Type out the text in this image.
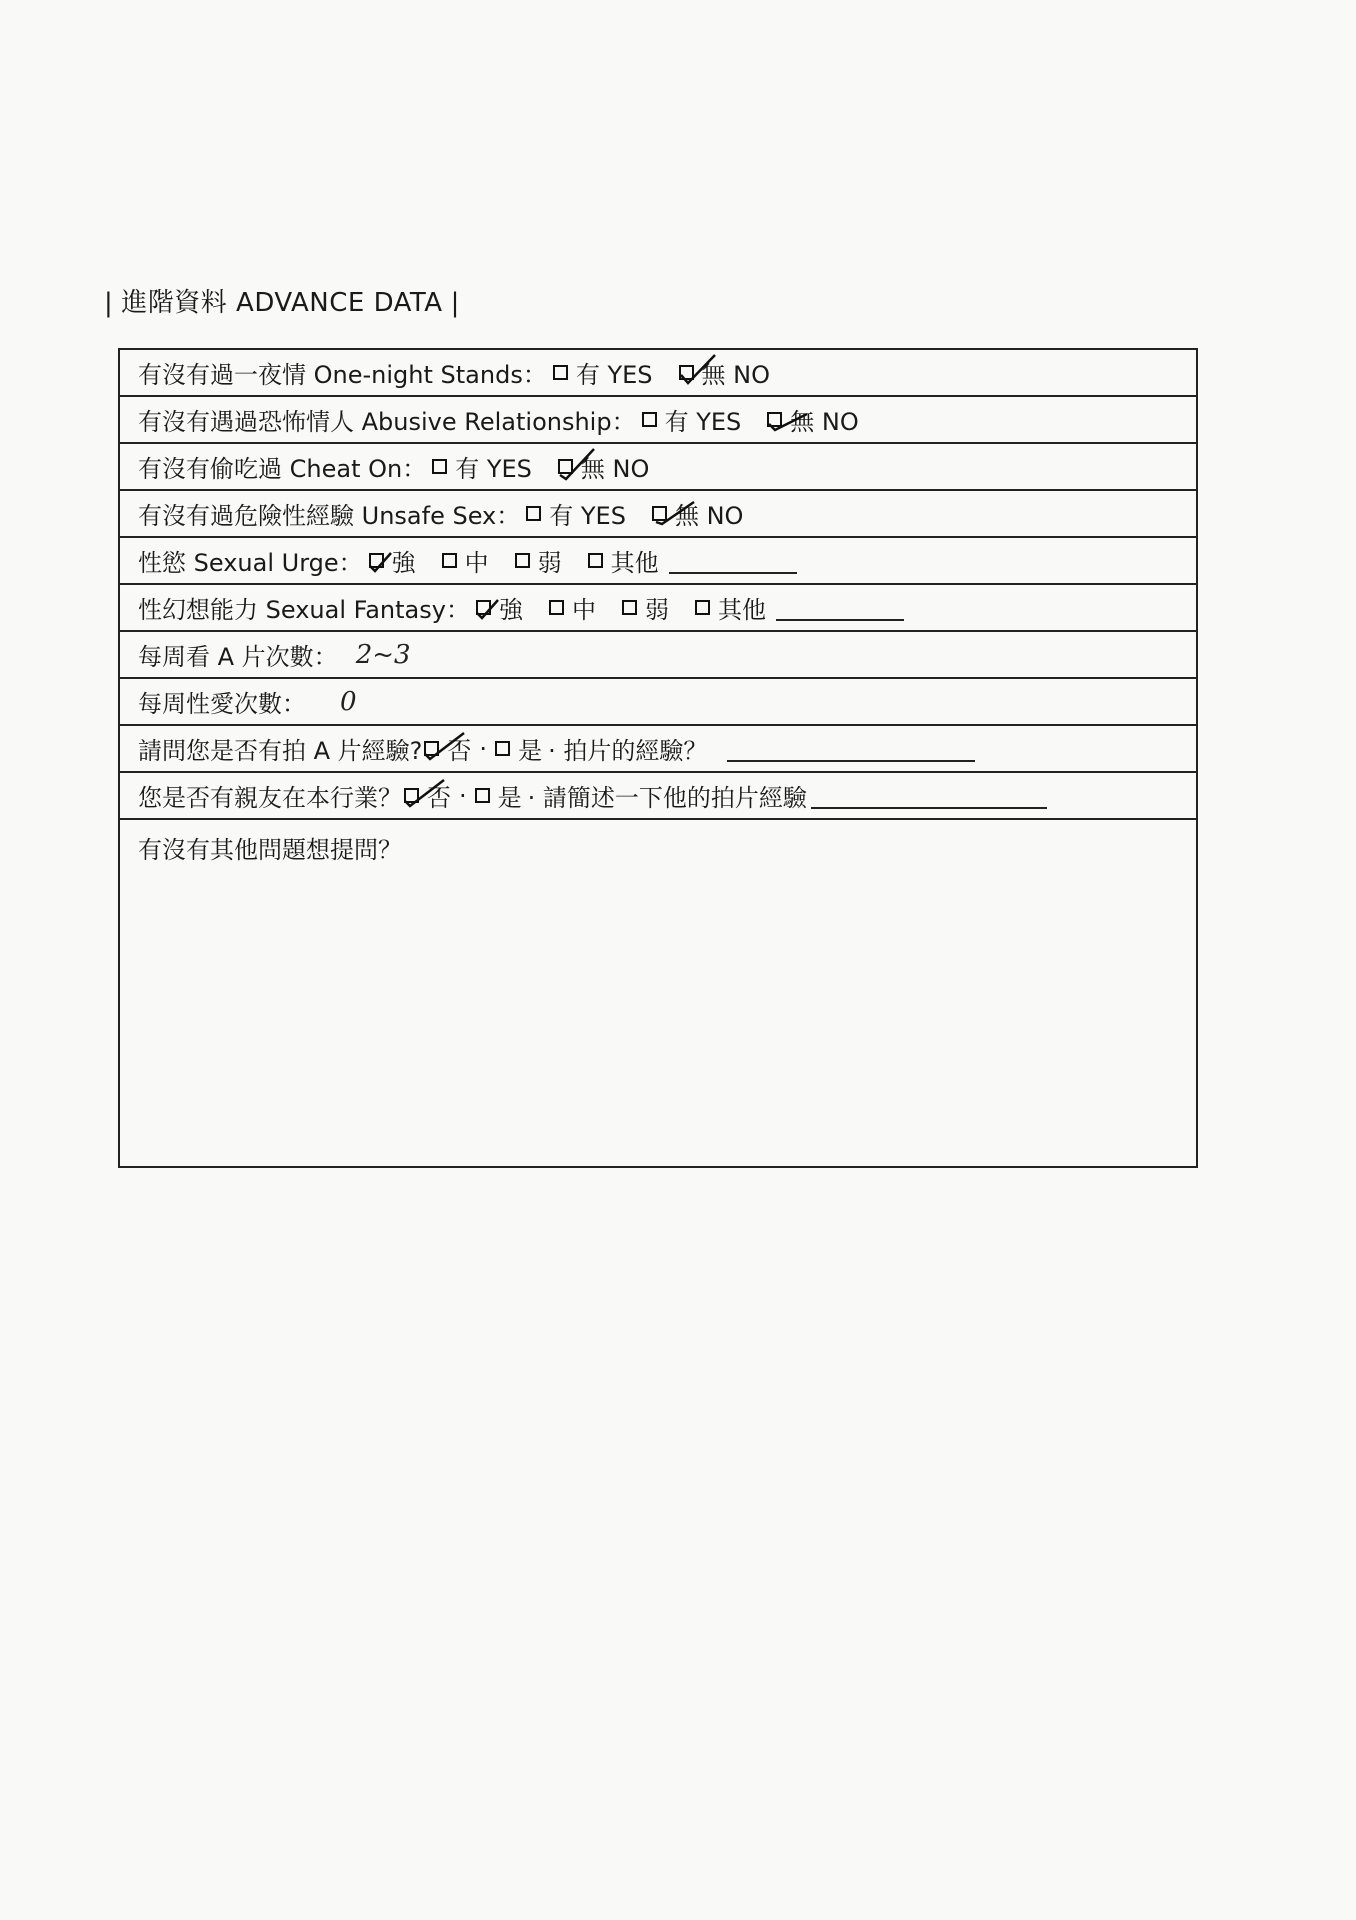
| 進階資料 ADVANCE DATA |
有沒有過一夜情 One-night Stands： 有 YES 無 NO
有沒有遇過恐怖情人 Abusive Relationship： 有 YES 無 NO
有沒有偷吃過 Cheat On： 有 YES 無 NO
有沒有過危險性經驗 Unsafe Sex： 有 YES 無 NO
性慾 Sexual Urge： 強 中 弱 其他
性幻想能力 Sexual Fantasy： 強 中 弱 其他
每周看 A 片次數： 2~3
每周性愛次數： 0
請問您是否有拍 A 片經驗? 否 · 是 · 拍片的經驗？
您是否有親友在本行業？ 否 · 是 · 請簡述一下他的拍片經驗
有沒有其他問題想提問？
